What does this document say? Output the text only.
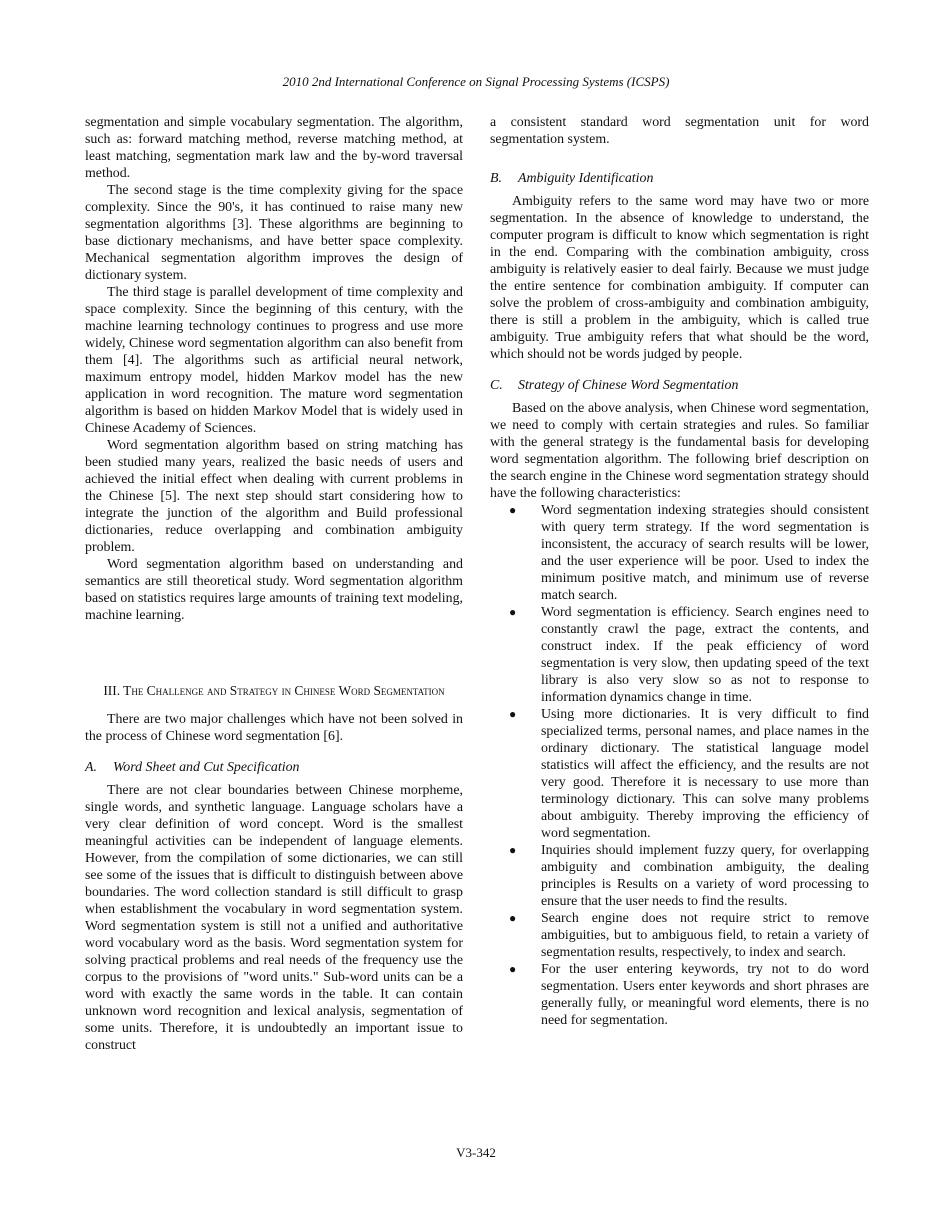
2010 2nd International Conference on Signal Processing Systems (ICSPS)

segmentation and simple vocabulary segmentation. The algorithm, such as: forward matching method, reverse matching method, at least matching, segmentation mark law and the by-word traversal method.

The second stage is the time complexity giving for the space complexity. Since the 90's, it has continued to raise many new segmentation algorithms [3]. These algorithms are beginning to base dictionary mechanisms, and have better space complexity. Mechanical segmentation algorithm improves the design of dictionary system.

The third stage is parallel development of time complexity and space complexity. Since the beginning of this century, with the machine learning technology continues to progress and use more widely, Chinese word segmentation algorithm can also benefit from them [4]. The algorithms such as artificial neural network, maximum entropy model, hidden Markov model has the new application in word recognition. The mature word segmentation algorithm is based on hidden Markov Model that is widely used in Chinese Academy of Sciences.

Word segmentation algorithm based on string matching has been studied many years, realized the basic needs of users and achieved the initial effect when dealing with current problems in the Chinese [5]. The next step should start considering how to integrate the junction of the algorithm and Build professional dictionaries, reduce overlapping and combination ambiguity problem.

Word segmentation algorithm based on understanding and semantics are still theoretical study. Word segmentation algorithm based on statistics requires large amounts of training text modeling, machine learning.

III. The Challenge and Strategy in Chinese Word Segmentation

There are two major challenges which have not been solved in the process of Chinese word segmentation [6].

A. Word Sheet and Cut Specification

There are not clear boundaries between Chinese morpheme, single words, and synthetic language. Language scholars have a very clear definition of word concept. Word is the smallest meaningful activities can be independent of language elements. However, from the compilation of some dictionaries, we can still see some of the issues that is difficult to distinguish between above boundaries. The word collection standard is still difficult to grasp when establishment the vocabulary in word segmentation system. Word segmentation system is still not a unified and authoritative word vocabulary word as the basis. Word segmentation system for solving practical problems and real needs of the frequency use the corpus to the provisions of "word units." Sub-word units can be a word with exactly the same words in the table. It can contain unknown word recognition and lexical analysis, segmentation of some units. Therefore, it is undoubtedly an important issue to construct

a consistent standard word segmentation unit for word segmentation system.

B. Ambiguity Identification

Ambiguity refers to the same word may have two or more segmentation. In the absence of knowledge to understand, the computer program is difficult to know which segmentation is right in the end. Comparing with the combination ambiguity, cross ambiguity is relatively easier to deal fairly. Because we must judge the entire sentence for combination ambiguity. If computer can solve the problem of cross-ambiguity and combination ambiguity, there is still a problem in the ambiguity, which is called true ambiguity. True ambiguity refers that what should be the word, which should not be words judged by people.

C. Strategy of Chinese Word Segmentation

Based on the above analysis, when Chinese word segmentation, we need to comply with certain strategies and rules. So familiar with the general strategy is the fundamental basis for developing word segmentation algorithm. The following brief description on the search engine in the Chinese word segmentation strategy should have the following characteristics:

● Word segmentation indexing strategies should consistent with query term strategy. If the word segmentation is inconsistent, the accuracy of search results will be lower, and the user experience will be poor. Used to index the minimum positive match, and minimum use of reverse match search.
● Word segmentation is efficiency. Search engines need to constantly crawl the page, extract the contents, and construct index. If the peak efficiency of word segmentation is very slow, then updating speed of the text library is also very slow so as not to response to information dynamics change in time.
● Using more dictionaries. It is very difficult to find specialized terms, personal names, and place names in the ordinary dictionary. The statistical language model statistics will affect the efficiency, and the results are not very good. Therefore it is necessary to use more than terminology dictionary. This can solve many problems about ambiguity. Thereby improving the efficiency of word segmentation.
● Inquiries should implement fuzzy query, for overlapping ambiguity and combination ambiguity, the dealing principles is Results on a variety of word processing to ensure that the user needs to find the results.
● Search engine does not require strict to remove ambiguities, but to ambiguous field, to retain a variety of segmentation results, respectively, to index and search.
● For the user entering keywords, try not to do word segmentation. Users enter keywords and short phrases are generally fully, or meaningful word elements, there is no need for segmentation.
V3-342
